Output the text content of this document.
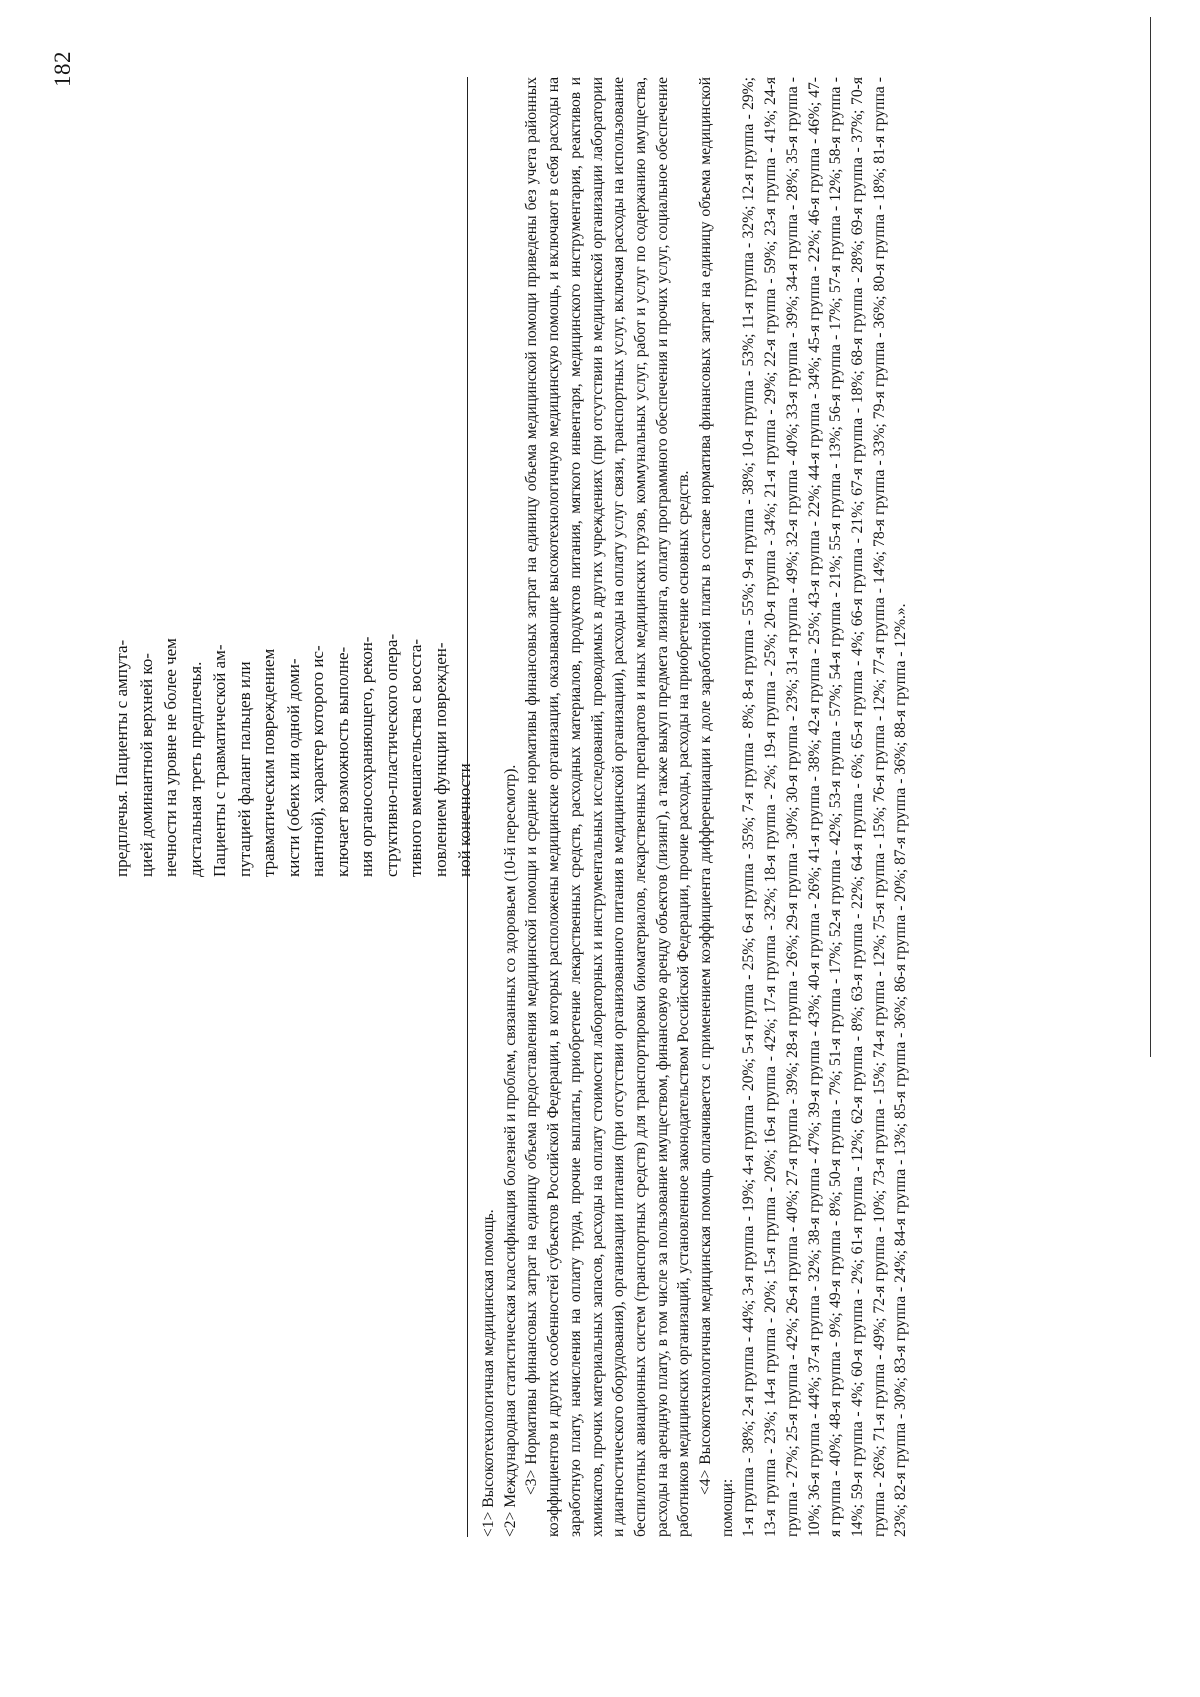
182
предплечья. Пациенты с ампута- цией доминантной верхней ко- нечности на уровне не более чем дистальная треть предплечья. Пациенты с травматической ам- путацией фаланг пальцев или травматическим повреждением кисти (обеих или одной доми- нантной), характер которого ис- ключает возможность выполне- ния органосохраняющего, рекон- структивно-пластического опера- тивного вмешательства с восста- новлением функции поврежден- ной конечности

<1> Высокотехнологичная медицинская помощь. <2> Международная статистическая классификация болезней и проблем, связанных со здоровьем (10-й пересмотр). <3> Нормативы финансовых затрат на единицу объема предоставления медицинской помощи и средние нормативы финансовых затрат на единицу объема медицинской помощи приведены без учета районных коэффициентов и других особенностей субъектов Российской Федерации, в которых расположены медицинские организации, оказывающие высокотехнологичную медицинскую помощь, и включают в себя расходы на заработную плату, начисления на оплату труда, прочие выплаты, приобретение лекарственных средств, расходных материалов, продуктов питания, мягкого инвентаря, медицинского инструментария, реактивов и химикатов, прочих материальных запасов, расходы на оплату стоимости лабораторных и инструментальных исследований, проводимых в других учреждениях (при отсутствии в медицинской организации лаборатории и диагностического оборудования), организации питания (при отсутствии организованного питания в медицинской организации), расходы на оплату услуг связи, транспортных услуг, включая расходы на использование беспилотных авиационных систем (транспортных средств) для транспортировки биоматериалов, лекарственных препаратов и иных медицинских грузов, коммунальных услуг, работ и услуг по содержанию имущества, расходы на арендную плату, в том числе за пользование имуществом, финансовую аренду объектов (лизинг), а также выкуп предмета лизинга, оплату программного обеспечения и прочих услуг, социальное обеспечение работников медицинских организаций, установленное законодательством Российской Федерации, прочие расходы, расходы на приобретение основных средств. <4> Высокотехнологичная медицинская помощь оплачивается с применением коэффициента дифференциации к доле заработной платы в составе норматива финансовых затрат на единицу объема медицинской помощи: 1-я группа - 38%; 2-я группа - 44%; 3-я группа - 19%; 4-я группа - 20%; 5-я группа - 25%; 6-я группа - 35%; 7-я группа - 8%; 8-я группа - 55%; 9-я группа - 38%; 10-я группа - 53%; 11-я группа - 32%; 12-я группа - 29%; 13-я группа - 23%; 14-я группа - 20%; 15-я группа - 20%; 16-я группа - 42%; 17-я группа - 32%; 18-я группа - 2%; 19-я группа - 25%; 20-я группа - 34%; 21-я группа - 29%; 22-я группа - 59%; 23-я группа - 41%; 24-я группа - 27%; 25-я группа - 42%; 26-я группа - 40%; 27-я группа - 39%; 28-я группа - 26%; 29-я группа - 30%; 30-я группа - 23%; 31-я группа - 49%; 32-я группа - 40%; 33-я группа - 39%; 34-я группа - 28%; 35-я группа - 10%; 36-я группа - 44%; 37-я группа - 32%; 38-я группа - 47%; 39-я группа - 43%; 40-я группа - 26%; 41-я группа - 38%; 42-я группа - 25%; 43-я группа - 22%; 44-я группа - 34%; 45-я группа - 22%; 46-я группа - 46%; 47-я группа - 40%; 48-я группа - 9%; 49-я группа - 8%; 50-я группа - 7%; 51-я группа - 17%; 52-я группа - 42%; 53-я группа - 57%; 54-я группа - 21%; 55-я группа - 13%; 56-я группа - 17%; 57-я группа - 12%; 58-я группа - 14%; 59-я группа - 4%; 60-я группа - 2%; 61-я группа - 12%; 62-я группа - 8%; 63-я группа - 22%; 64-я группа - 6%; 65-я группа - 4%; 66-я группа - 21%; 67-я группа - 18%; 68-я группа - 28%; 69-я группа - 37%; 70-я группа - 26%; 71-я группа - 49%; 72-я группа - 10%; 73-я группа - 15%; 74-я группа - 12%; 75-я группа - 15%; 76-я группа - 12%; 77-я группа - 14%; 78-я группа - 33%; 79-я группа - 36%; 80-я группа - 18%; 81-я группа - 23%; 82-я группа - 30%; 83-я группа - 24%; 84-я группа - 13%; 85-я группа - 36%; 86-я группа - 20%; 87-я группа - 36%; 88-я группа - 12%.».
